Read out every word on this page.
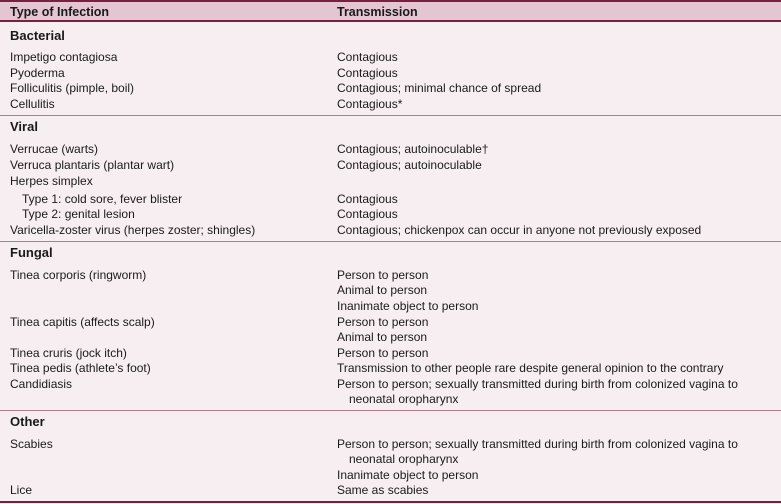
Type of Infection	Transmission
Bacterial
Impetigo contagiosa	Contagious
Pyoderma	Contagious
Folliculitis (pimple, boil)	Contagious; minimal chance of spread
Cellulitis	Contagious*
Viral
Verrucae (warts)	Contagious; autoinoculable†
Verruca plantaris (plantar wart)	Contagious; autoinoculable
Herpes simplex
Type 1: cold sore, fever blister	Contagious
Type 2: genital lesion	Contagious
Varicella-zoster virus (herpes zoster; shingles)	Contagious; chickenpox can occur in anyone not previously exposed
Fungal
Tinea corporis (ringworm)	Person to person
Animal to person
Inanimate object to person
Tinea capitis (affects scalp)	Person to person
Animal to person
Tinea cruris (jock itch)	Person to person
Tinea pedis (athlete’s foot)	Transmission to other people rare despite general opinion to the contrary
Candidiasis	Person to person; sexually transmitted during birth from colonized vagina to
neonatal oropharynx
Other
Scabies	Person to person; sexually transmitted during birth from colonized vagina to
neonatal oropharynx
Inanimate object to person
Lice	Same as scabies
